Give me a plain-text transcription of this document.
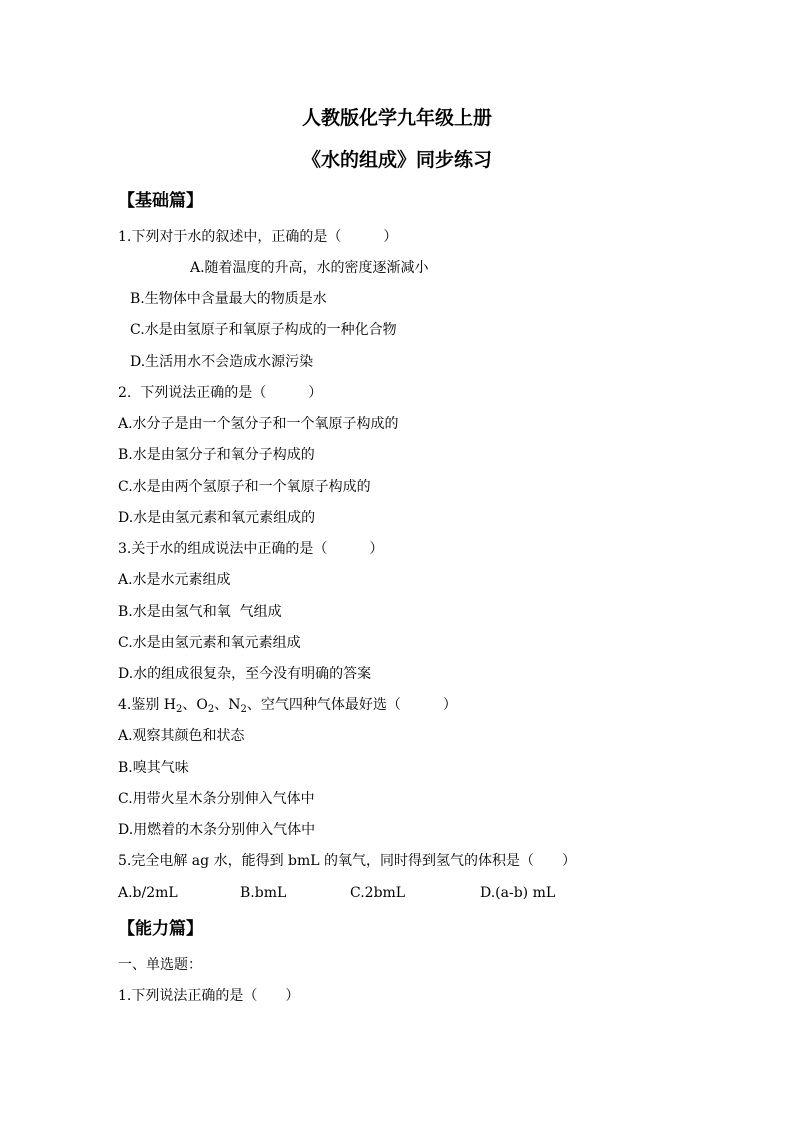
人教版化学九年级上册
《水的组成》同步练习
【基础篇】
1.下列对于水的叙述中，正确的是（　　　）
A.随着温度的升高，水的密度逐渐减小
B.生物体中含量最大的物质是水
C.水是由氢原子和氧原子构成的一种化合物
D.生活用水不会造成水源污染
2.  下列说法正确的是（　　　）
A.水分子是由一个氢分子和一个氧原子构成的
B.水是由氢分子和氧分子构成的
C.水是由两个氢原子和一个氧原子构成的
D.水是由氢元素和氧元素组成的
3.关于水的组成说法中正确的是（　　　）
A.水是水元素组成
B.水是由氢气和氧  气组成
C.水是由氢元素和氧元素组成
D.水的组成很复杂，至今没有明确的答案
4.鉴别 $H_2$、$O_2$、$N_2$、空气四种气体最好选（　　　）
A.观察其颜色和状态
B.嗅其气味
C.用带火星木条分别伸入气体中
D.用燃着的木条分别伸入气体中
5.完全电解 ag 水，能得到 bmL 的氧气，同时得到氢气的体积是（　　）
A.b/2mL	B.bmL	C.2bmL	D.(a-b) mL
【能力篇】
一、单选题：
1.下列说法正确的是（　　）
